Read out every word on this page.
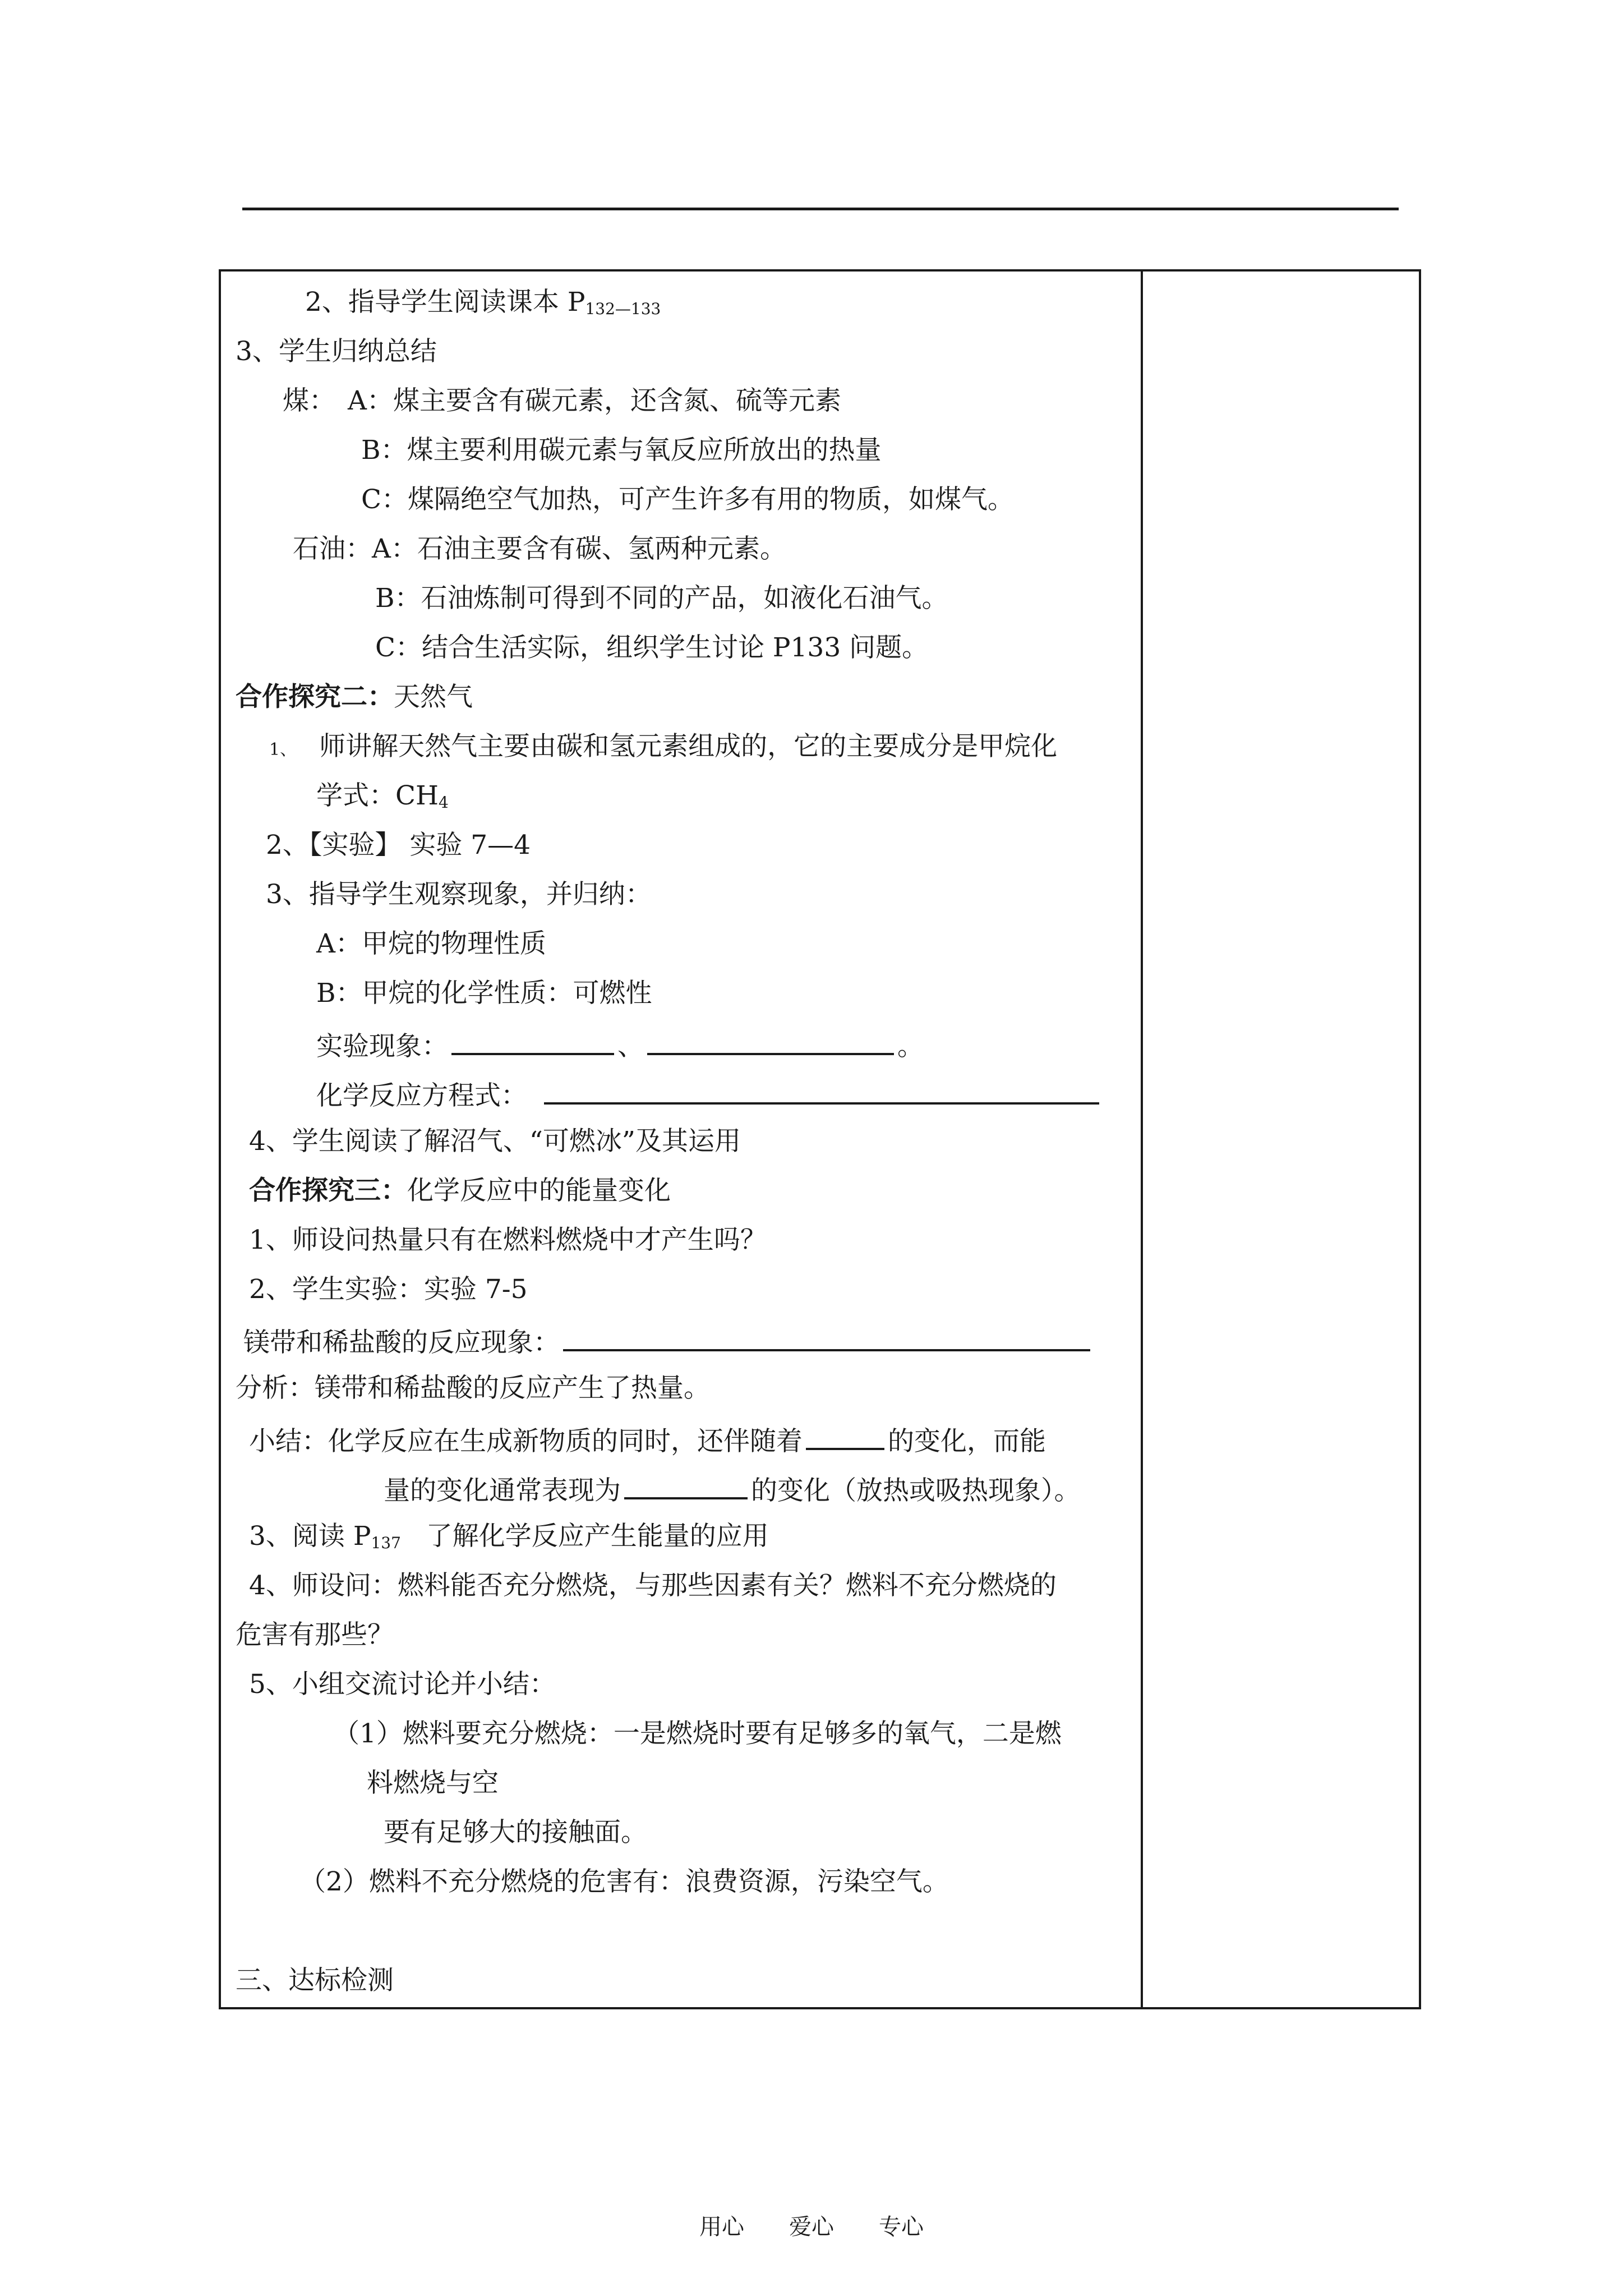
2、指导学生阅读课本 $P_{132—133}$
3、学生归纳总结
煤： A：煤主要含有碳元素，还含氮、硫等元素
B：煤主要利用碳元素与氧反应所放出的热量
C：煤隔绝空气加热，可产生许多有用的物质，如煤气。
石油：A：石油主要含有碳、氢两种元素。
B：石油炼制可得到不同的产品，如液化石油气。
C：结合生活实际，组织学生讨论 P133 问题。
合作探究二：天然气
1、 师讲解天然气主要由碳和氢元素组成的，它的主要成分是甲烷化
学式：$CH_4$
2、【实验】 实验 7—4
3、指导学生观察现象，并归纳：
A：甲烷的物理性质
B：甲烷的化学性质：可燃性
实验现象：	、	。
化学反应方程式：
4、学生阅读了解沼气、“可燃冰”及其运用
合作探究三：化学反应中的能量变化
1、师设问热量只有在燃料燃烧中才产生吗？
2、学生实验：实验 7-5
镁带和稀盐酸的反应现象：
分析：镁带和稀盐酸的反应产生了热量。
小结：化学反应在生成新物质的同时，还伴随着	的变化，而能
量的变化通常表现为	的变化（放热或吸热现象）。
3、阅读 $P_{137}$   了解化学反应产生能量的应用
4、师设问：燃料能否充分燃烧，与那些因素有关？燃料不充分燃烧的
危害有那些？
5、小组交流讨论并小结：
（1）燃料要充分燃烧：一是燃烧时要有足够多的氧气，二是燃
料燃烧与空
要有足够大的接触面。
（2）燃料不充分燃烧的危害有：浪费资源，污染空气。
三、达标检测
用心 爱心 专心
